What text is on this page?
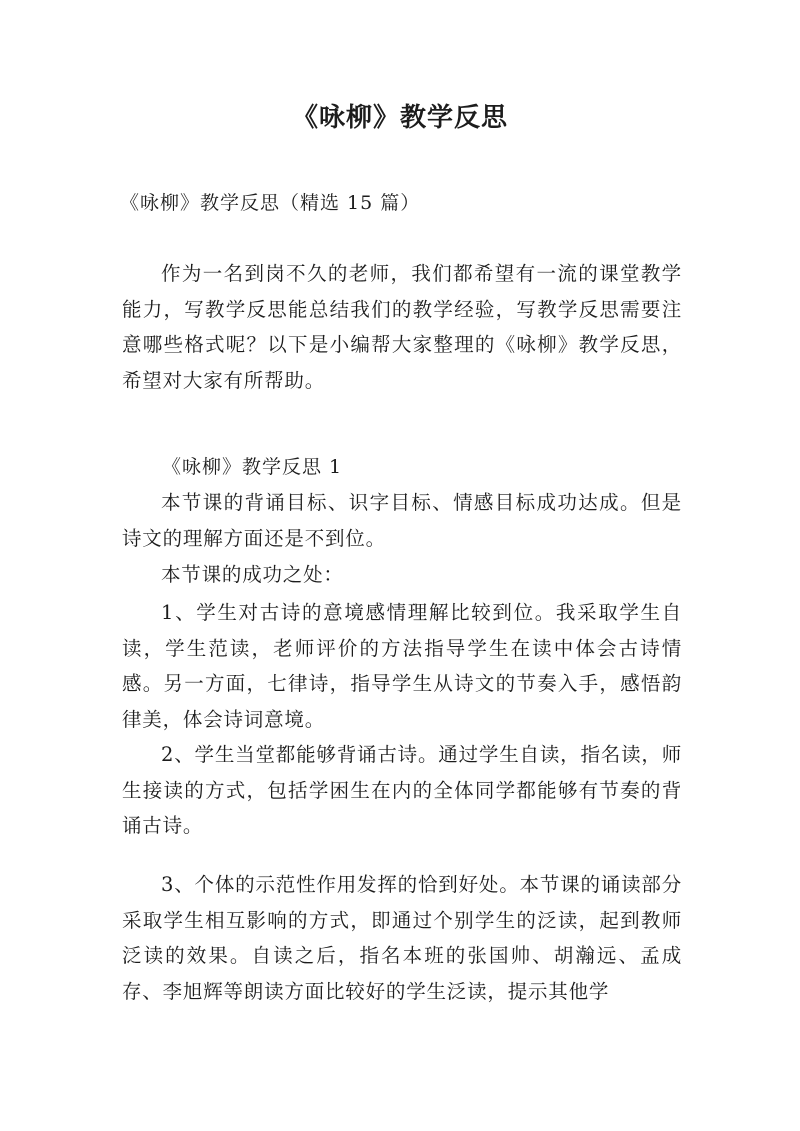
《咏柳》教学反思
《咏柳》教学反思（精选 15 篇）
作为一名到岗不久的老师，我们都希望有一流的课堂教学能力，写教学反思能总结我们的教学经验，写教学反思需要注意哪些格式呢？以下是小编帮大家整理的《咏柳》教学反思，希望对大家有所帮助。
《咏柳》教学反思 1
本节课的背诵目标、识字目标、情感目标成功达成。但是诗文的理解方面还是不到位。
本节课的成功之处：
1、学生对古诗的意境感情理解比较到位。我采取学生自读，学生范读，老师评价的方法指导学生在读中体会古诗情感。另一方面，七律诗，指导学生从诗文的节奏入手，感悟韵律美，体会诗词意境。
2、学生当堂都能够背诵古诗。通过学生自读，指名读，师生接读的方式，包括学困生在内的全体同学都能够有节奏的背诵古诗。
3、个体的示范性作用发挥的恰到好处。本节课的诵读部分采取学生相互影响的方式，即通过个别学生的泛读，起到教师泛读的效果。自读之后，指名本班的张国帅、胡瀚远、孟成存、李旭辉等朗读方面比较好的学生泛读，提示其他学
